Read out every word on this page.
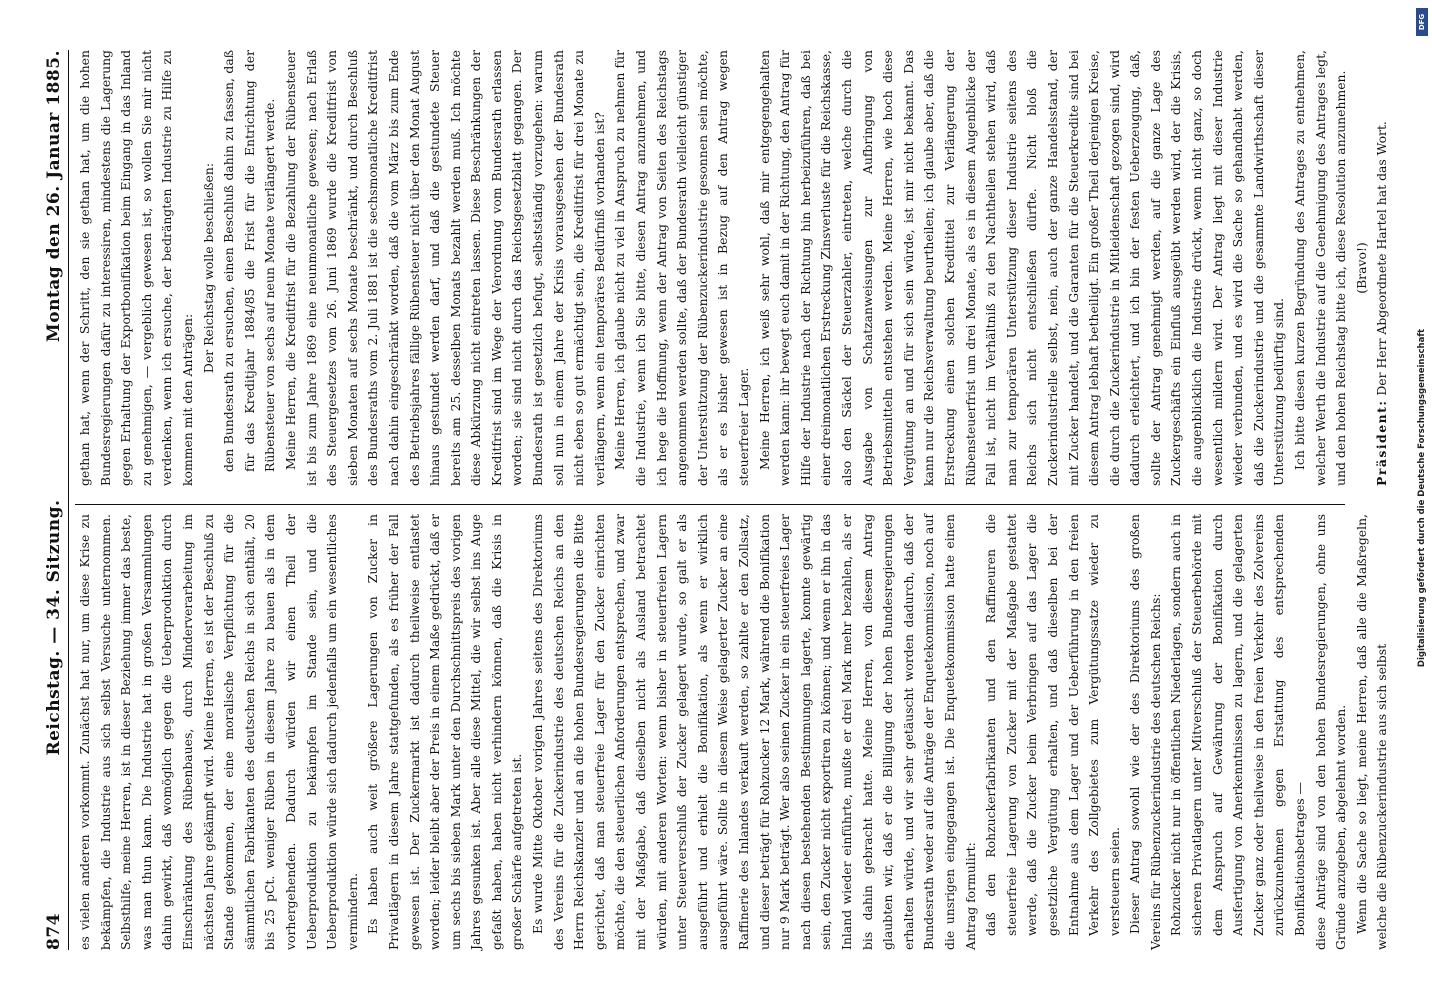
874
Reichstag. — 34. Sitzung.
Montag den 26. Januar 1885.

es vielen anderen vorkommt. Zunächst hat nur, um diese Krise zu bekämpfen, die Industrie aus sich selbst Versuche unternommen. Selbsthilfe, meine Herren, ist in dieser Beziehung immer das beste, was man thun kann. Die Industrie hat in großen Versammlungen dahin gewirkt, daß womöglich gegen die Ueberproduktion durch Einschränkung des Rübenbaues, durch Minderverarbeitung im nächsten Jahre gekämpft wird. Meine Herren, es ist der Beschluß zu Stande gekommen, der eine moralische Verpflichtung für die sämmtlichen Fabrikanten des deutschen Reichs in sich enthält, 20 bis 25 pCt. weniger Rüben in diesem Jahre zu bauen als in dem vorhergehenden. Dadurch würden wir einen Theil der Ueberproduktion zu bekämpfen im Stande sein, und die Ueberproduktion würde sich dadurch jedenfalls um ein wesentliches vermindern. Es haben auch weit größere Lagerungen von Zucker in Privatlägern in diesem Jahre stattgefunden, als es früher der Fall gewesen ist. Der Zuckermarkt ist dadurch theilweise entlastet worden; leider bleibt aber der Preis in einem Maße gedrückt, daß er um sechs bis sieben Mark unter den Durchschnittspreis des vorigen Jahres gesunken ist. Aber alle diese Mittel, die wir selbst ins Auge gefaßt haben, haben nicht verhindern können, daß die Krisis in großer Schärfe aufgetreten ist. Es wurde Mitte Oktober vorigen Jahres seitens des Direktoriums des Vereins für die Zuckerindustrie des deutschen Reichs an den Herrn Reichskanzler und an die hohen Bundesregierungen die Bitte gerichtet, daß man steuerfreie Lager für den Zucker einrichten möchte, die den steuerlichen Anforderungen entsprechen, und zwar mit der Maßgabe, daß dieselben nicht als Ausland betrachtet würden, mit anderen Worten: wenn bisher in steuerfreien Lagern unter Steuerverschluß der Zucker gelagert wurde, so galt er als ausgeführt und erhielt die Bonifikation, als wenn er wirklich ausgeführt wäre. Sollte in diesem Weise gelagerter Zucker an eine Raffinerie des Inlandes verkauft werden, so zahlte er den Zollsatz, und dieser beträgt für Rohzucker 12 Mark, während die Bonifikation nur 9 Mark beträgt. Wer also seinen Zucker in ein steuerfreies Lager nach diesen bestehenden Bestimmungen lagerte, konnte gewärtig sein, den Zucker nicht exportiren zu können; und wenn er ihn in das Inland wieder einführte, mußte er drei Mark mehr bezahlen, als er bis dahin gebracht hatte. Meine Herren, von diesem Antrag glaubten wir, daß er die Billigung der hohen Bundesregierungen erhalten würde, und wir sehr getäuscht worden dadurch, daß der Bundesrath weder auf die Anträge der Enquetekommission, noch auf die unsrigen eingegangen ist. Die Enquetekommission hatte einen Antrag formulirt: daß den Rohzuckerfabrikanten und den Raffineuren die steuerfreie Lagerung von Zucker mit der Maßgabe gestattet werde, daß die Zucker beim Verbringen auf das Lager die gesetzliche Vergütung erhalten, und daß dieselben bei der Entnahme aus dem Lager und der Ueberführung in den freien Verkehr des Zollgebietes zum Vergütungssatze wieder zu versteuern seien. Dieser Antrag sowohl wie der des Direktoriums des großen Vereins für Rübenzuckerindustrie des deutschen Reichs: Rohzucker nicht nur in öffentlichen Niederlagen, sondern auch in sicheren Privatlagern unter Mitverschluß der Steuerbehörde mit dem Anspruch auf Gewährung der Bonifikation durch Ausfertigung von Anerkenntnissen zu lagern, und die gelagerten Zucker ganz oder theilweise in den freien Verkehr des Zolvereins zurückzunehmen gegen Erstattung des entsprechenden Bonifikationsbetrages — diese Anträge sind von den hohen Bundesregierungen, ohne uns Gründe anzugeben, abgelehnt worden. Wenn die Sache so liegt, meine Herren, daß alle die Maßregeln, welche die Rübenzuckerindustrie aus sich selbst

gethan hat, wenn der Schritt, den sie gethan hat, um die hohen Bundesregierungen dafür zu interessiren, mindestens die Lagerung gegen Erhaltung der Exportbonifikation beim Eingang in das Inland zu genehmigen, — vergeblich gewesen ist, so wollen Sie mir nicht verdenken, wenn ich ersuche, der bedrängten Industrie zu Hilfe zu kommen mit den Anträgen:

Der Reichstag wolle beschließen: den Bundesrath zu ersuchen, einen Beschluß dahin zu fassen, daß für das Kreditjahr 1884/85 die Frist für die Entrichtung der Rübensteuer von sechs auf neun Monate verlängert werde. Meine Herren, die Kreditfrist für die Bezahlung der Rübensteuer ist bis zum Jahre 1869 eine neunmonatliche gewesen; nach Erlaß des Steuergesetzes vom 26. Juni 1869 wurde die Kreditfrist von sieben Monaten auf sechs Monate beschränkt, und durch Beschluß des Bundesraths vom 2. Juli 1881 ist die sechsmonatliche Kreditfrist nach dahin eingeschränkt worden, daß die vom März bis zum Ende des Betriebsjahres fällige Rübensteuer nicht über den Monat August hinaus gestundet werden darf, und daß die gestundete Steuer bereits am 25. desselben Monats bezahlt werden muß. Ich möchte diese Abkürzung nicht eintreten lassen. Diese Beschränkungen der Kreditfrist sind im Wege der Verordnung vom Bundesrath erlassen worden; sie sind nicht durch das Reichsgesetzblatt gegangen. Der Bundesrath ist gesetzlich befugt, selbstständig vorzugehen: warum soll nun in einem Jahre der Krisis vorausgesehen der Bundesrath nicht eben so gut ermächtigt sein, die Kreditfrist für drei Monate zu verlängern, wenn ein temporäres Bedürfniß vorhanden ist? Meine Herren, ich glaube nicht zu viel in Anspruch zu nehmen für die Industrie, wenn ich Sie bitte, diesen Antrag anzunehmen, und ich hege die Hoffnung, wenn der Antrag von Seiten des Reichstags angenommen werden sollte, daß der Bundesrath vielleicht günstiger der Unterstützung der Rübenzuckerindustrie gesonnen sein möchte, als er es bisher gewesen ist in Bezug auf den Antrag wegen steuerfreier Lager. Meine Herren, ich weiß sehr wohl, daß mir entgegengehalten werden kann: ihr bewegt euch damit in der Richtung, den Antrag für Hilfe der Industrie nach der Richtung hin herbeizuführen, daß bei einer dreimonatlichen Erstreckung Zinsverluste für die Reichskasse, also den Säckel der Steuerzahler, eintreten, welche durch die Ausgabe von Schatzanweisungen zur Aufbringung von Betriebsmitteln entstehen werden. Meine Herren, wie hoch diese Vergütung an und für sich sein würde, ist mir nicht bekannt. Das kann nur die Reichsverwaltung beurtheilen; ich glaube aber, daß die Erstreckung einen solchen Kredittitel zur Verlängerung der Rübensteuerfrist um drei Monate, als es in diesem Augenblicke der Fall ist, nicht im Verhältniß zu den Nachtheilen stehen wird, daß man zur temporären Unterstützung dieser Industrie seitens des Reichs sich nicht entschließen dürfte. Nicht bloß die Zuckerindustrielle selbst, nein, auch der ganze Handelsstand, der mit Zucker handelt, und die Garanten für die Steuerkredite sind bei diesem Antrag lebhaft betheiligt. Ein großer Theil derjenigen Kreise, die durch die Zuckerindustrie in Mitleidenschaft gezogen sind, wird dadurch erleichtert, und ich bin der festen Ueberzeugung, daß, sollte der Antrag genehmigt werden, auf die ganze Lage des Zuckergeschäfts ein Einfluß ausgeübt werden wird, der die Krisis, die augenblicklich die Industrie drückt, wenn nicht ganz, so doch wesentlich mildern wird. Der Antrag liegt mit dieser Industrie wieder verbunden, und es wird die Sache so gehandhabt werden, daß die Zuckerindustrie und die gesammte Landwirthschaft dieser Unterstützung bedürftig sind. Ich bitte diesen kurzen Begründung des Antrages zu entnehmen, welcher Werth die Industrie auf die Genehmigung des Antrages legt, und den hohen Reichstag bitte ich, diese Resolution anzunehmen. (Bravo!)

Präsident: Der Herr Abgeordnete Hartel hat das Wort.

DFG
Digitalisierung gefördert durch die Deutsche Forschungsgemeinschaft
